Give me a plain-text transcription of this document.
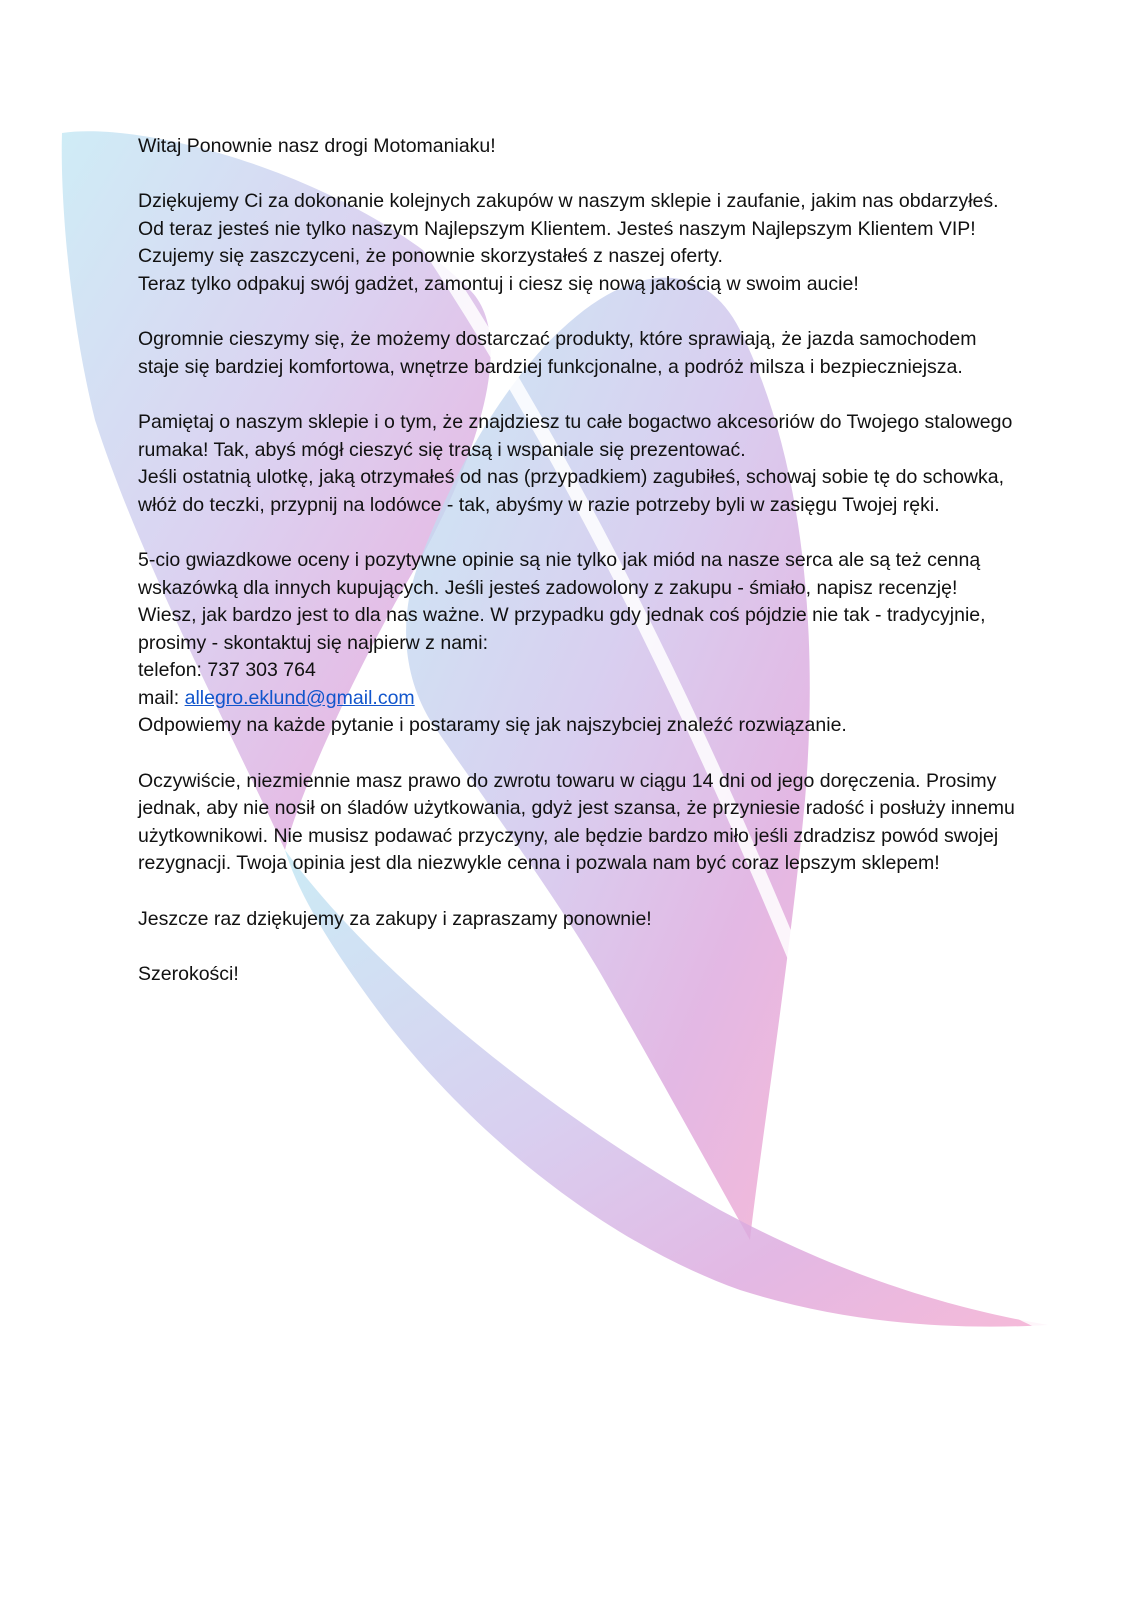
Witaj Ponownie nasz drogi Motomaniaku!

Dziękujemy Ci za dokonanie kolejnych zakupów w naszym sklepie i zaufanie, jakim nas obdarzyłeś.
Od teraz jesteś nie tylko naszym Najlepszym Klientem. Jesteś naszym Najlepszym Klientem VIP!
Czujemy się zaszczyceni, że ponownie skorzystałeś z naszej oferty.
Teraz tylko odpakuj swój gadżet, zamontuj i ciesz się nową jakością w swoim aucie!

Ogromnie cieszymy się, że możemy dostarczać produkty, które sprawiają, że jazda samochodem staje się bardziej komfortowa, wnętrze bardziej funkcjonalne, a podróż milsza i bezpieczniejsza.

Pamiętaj o naszym sklepie i o tym, że znajdziesz tu całe bogactwo akcesoriów do Twojego stalowego rumaka! Tak, abyś mógł cieszyć się trasą i wspaniale się prezentować.
Jeśli ostatnią ulotkę, jaką otrzymałeś od nas (przypadkiem) zagubiłeś, schowaj sobie tę do schowka, włóż do teczki, przypnij na lodówce - tak, abyśmy w razie potrzeby byli w zasięgu Twojej ręki.

5-cio gwiazdkowe oceny i pozytywne opinie są nie tylko jak miód na nasze serca ale są też cenną wskazówką dla innych kupujących. Jeśli jesteś zadowolony z zakupu - śmiało, napisz recenzję! Wiesz, jak bardzo jest to dla nas ważne. W przypadku gdy jednak coś pójdzie nie tak - tradycyjnie, prosimy - skontaktuj się najpierw z nami:
telefon: 737 303 764
mail: allegro.eklund@gmail.com
Odpowiemy na każde pytanie i postaramy się jak najszybciej znaleźć rozwiązanie.

Oczywiście, niezmiennie masz prawo do zwrotu towaru w ciągu 14 dni od jego doręczenia. Prosimy jednak, aby nie nosił on śladów użytkowania, gdyż jest szansa, że przyniesie radość i posłuży innemu użytkownikowi. Nie musisz podawać przyczyny, ale będzie bardzo miło jeśli zdradzisz powód swojej rezygnacji. Twoja opinia jest dla niezwykle cenna i pozwala nam być coraz lepszym sklepem!

Jeszcze raz dziękujemy za zakupy i zapraszamy ponownie!

Szerokości!
